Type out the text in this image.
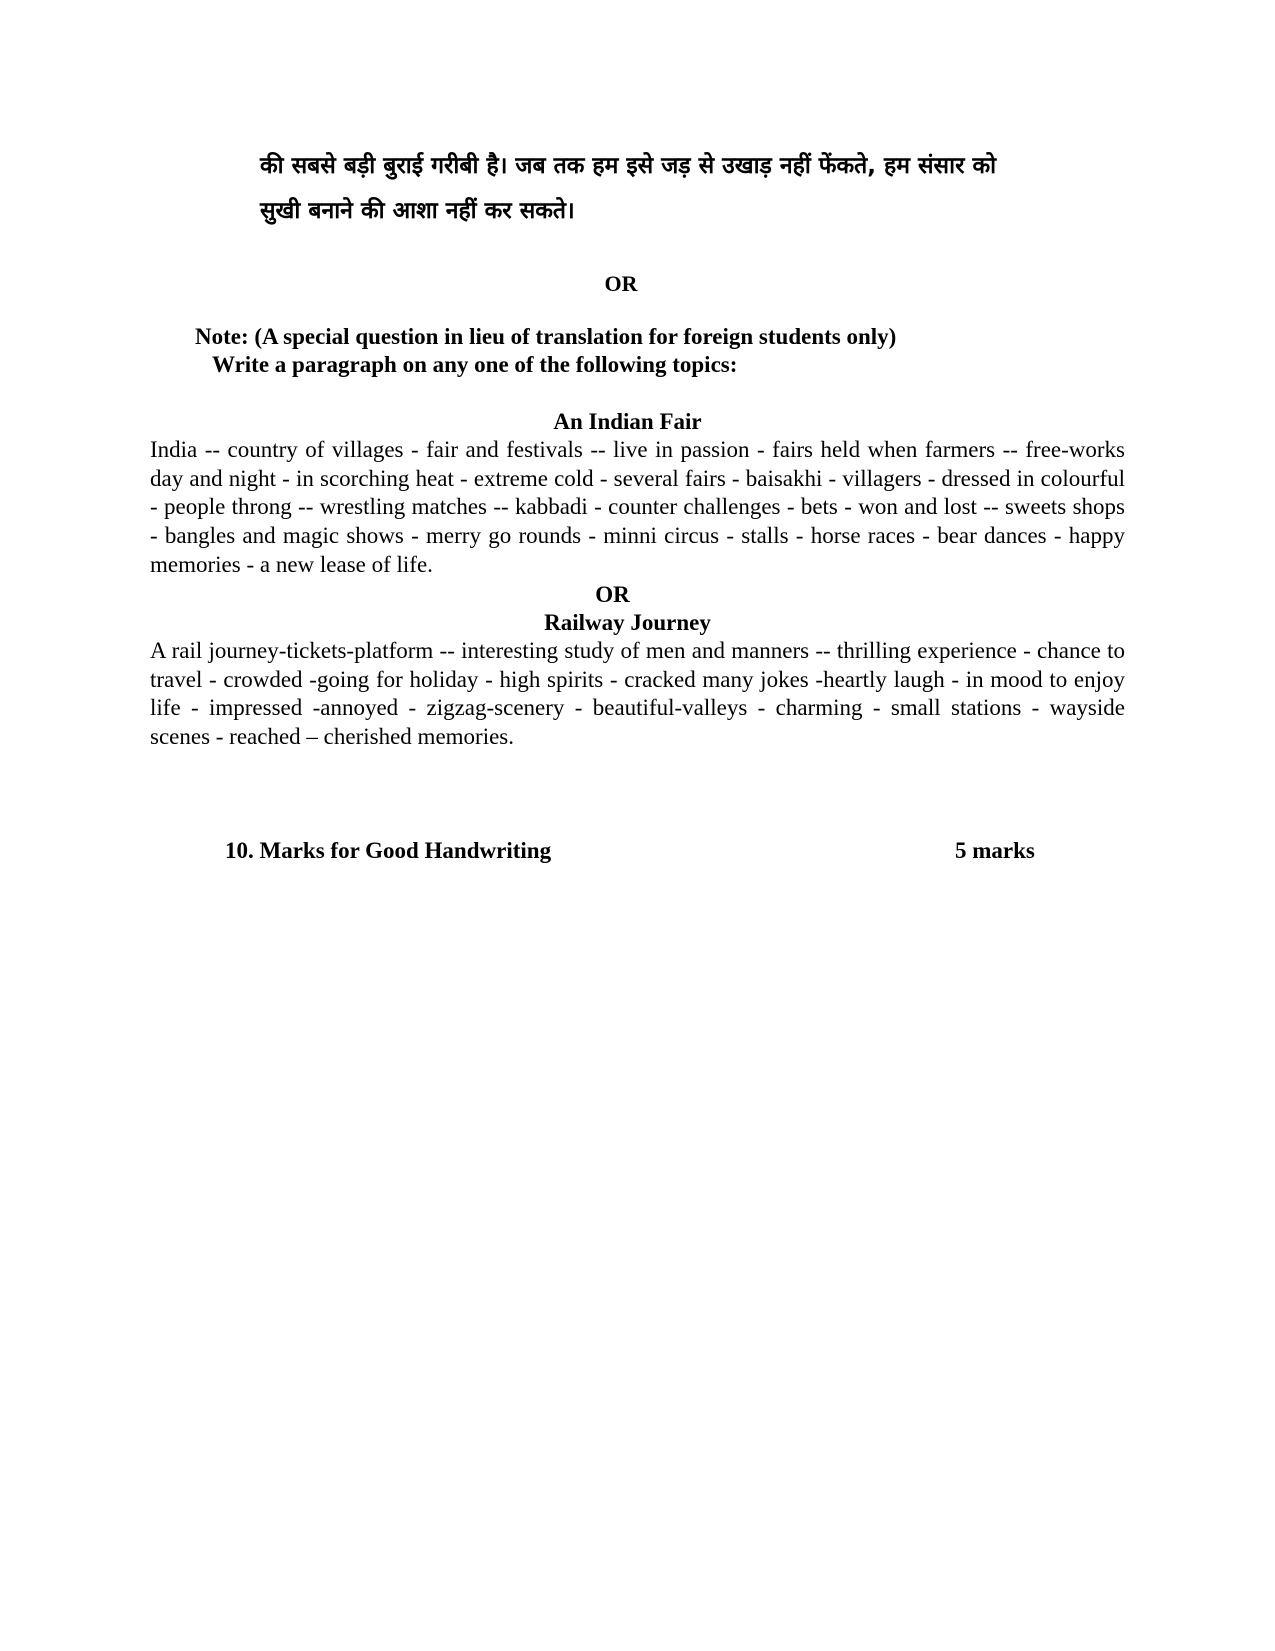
की सबसे बड़ी बुराई गरीबी है। जब तक हम इसे जड़ से उखाड़ नहीं फेंकते, हम संसार को
सुखी बनाने की आशा नहीं कर सकते।
OR
Note: (A special question in lieu of translation for foreign students only)
Write a paragraph on any one of the following topics:
An Indian Fair
India -- country of villages - fair and festivals -- live in passion - fairs held when farmers -- free-works day and night - in scorching heat - extreme cold - several fairs - baisakhi - villagers - dressed in colourful - people throng -- wrestling matches -- kabbadi - counter challenges - bets - won and lost -- sweets shops - bangles and magic shows - merry go rounds - minni circus - stalls - horse races - bear dances - happy memories - a new lease of life.
OR
Railway Journey
A rail journey-tickets-platform -- interesting study of men and manners -- thrilling experience - chance to travel - crowded -going for holiday - high spirits - cracked many jokes -heartly laugh - in mood to enjoy life - impressed -annoyed - zigzag-scenery - beautiful-valleys - charming - small stations - wayside scenes - reached – cherished memories.
10. Marks for Good Handwriting	5 marks
